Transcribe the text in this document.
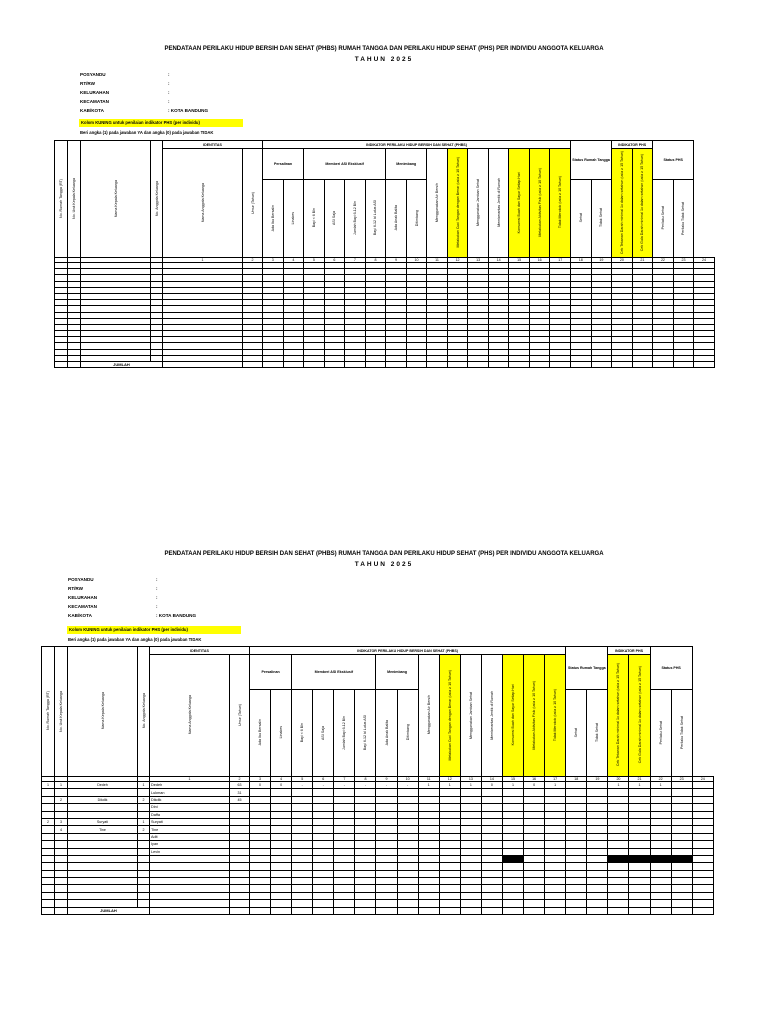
PENDATAAN PERILAKU HIDUP BERSIH DAN SEHAT (PHBS) RUMAH TANGGA DAN PERILAKU HIDUP SEHAT (PHS) PER INDIVIDU ANGGOTA KELUARGA
TAHUN 2025
POSYANDU	:
RT/RW	:
KELURAHAN	:
KECAMATAN	:
KAB/KOTA	: KOTA BANDUNG
Kolom KUNING untuk penilaian indikator PHS (per individu)
Beri angka (1) pada jawaban YA dan angka (0) pada jawaban TIDAK
No. Rumah Tangga (RT)	No. Urut Kepala Keluarga	Nama Kepala Keluarga	No. Anggota Keluarga	IDENTITAS		INDIKATOR PERILAKU HIDUP BERSIH DAN SEHAT (PHBS)															Status Rumah Tangga		INDIKATOR PHS		Status PHS		
				Nama Anggota Keluarga	Umur (Tahun)	Persalinan		Memberi ASI Eksklusif				Menimbang		Menggunakan Air Bersih	Melakukan Cuci Tangan dengan Benar (usia ≥ 10 Tahun)	Menggunakan Jamban Sehat	Memberantas Jentik di Rumah	Konsumsi Buah dan Sayur Setiap Hari	Melakukan Aktivitas Fisik (usia ≥ 10 Tahun)	Tidak Merokok (usia ≥ 10 Tahun)			Cek Tekanan Darah minimal 1x dalam setahun (usia ≥ 15 Tahun)	Cek Gula Darah minimal 1x dalam setahun (usia ≥ 15 Tahun)			
						Ada Ibu Bersalin	Linakes	Bayi < 6 Bln	ASI Saja	Jumlah Bayi 6-12 Bln	Bayi 6-12 bl Lulus ASI	Ada Anak Balita	Ditimbang								Sehat	Tidak Sehat			Perilaku Sehat	Perilaku Tidak Sehat	
				1	2	3	4	5	6	7	8	9	10	11	12	13	14	15	16	17	18	19	20	21	22	23	24

		JUMLAH																									
PENDATAAN PERILAKU HIDUP BERSIH DAN SEHAT (PHBS) RUMAH TANGGA DAN PERILAKU HIDUP SEHAT (PHS) PER INDIVIDU ANGGOTA KELUARGA
TAHUN 2025
POSYANDU	:
RT/RW	:
KELURAHAN	:
KECAMATAN	:
KAB/KOTA	: KOTA BANDUNG
Kolom KUNING untuk penilaian indikator PHS (per individu)
Beri angka (1) pada jawaban YA dan angka (0) pada jawaban TIDAK
No. Rumah Tangga (RT)	No. Urut Kepala Keluarga	Nama Kepala Keluarga	No. Anggota Keluarga	IDENTITAS		INDIKATOR PERILAKU HIDUP BERSIH DAN SEHAT (PHBS)															Status Rumah Tangga		INDIKATOR PHS		Status PHS		
				Nama Anggota Keluarga	Umur (Tahun)	Persalinan		Memberi ASI Eksklusif				Menimbang		Menggunakan Air Bersih	Melakukan Cuci Tangan dengan Benar (usia ≥ 10 Tahun)	Menggunakan Jamban Sehat	Memberantas Jentik di Rumah	Konsumsi Buah dan Sayur Setiap Hari	Melakukan Aktivitas Fisik (usia ≥ 10 Tahun)	Tidak Merokok (usia ≥ 10 Tahun)			Cek Tekanan Darah minimal 1x dalam setahun (usia ≥ 15 Tahun)	Cek Gula Darah minimal 1x dalam setahun (usia ≥ 15 Tahun)			
						Ada Ibu Bersalin	Linakes	Bayi < 6 Bln	ASI Saja	Jumlah Bayi 6-12 Bln	Bayi 6-12 bl Lulus ASI	Ada Anak Balita	Ditimbang								Sehat	Tidak Sehat			Perilaku Sehat	Perilaku Tidak Sehat	
				1	2	3	4	5	6	7	8	9	10	11	12	13	14	15	16	17	18	19	20	21	22	23	24
1	1	Dedeh	1	Dedeh	63	0	0	-	-	-	-	-	-	1	1	1	0	1	0	1			1	1	1		
				Lukman	31																						
	2	Dikdik	2	Dikdik	45																						
				Dini																							
				Daffa																							
2	3	Suryati	1	Suryati																							
	4	Tine	2	Tine																							
				Adit																							
				Iyan																							
				Levin																							

		JUMLAH																									
